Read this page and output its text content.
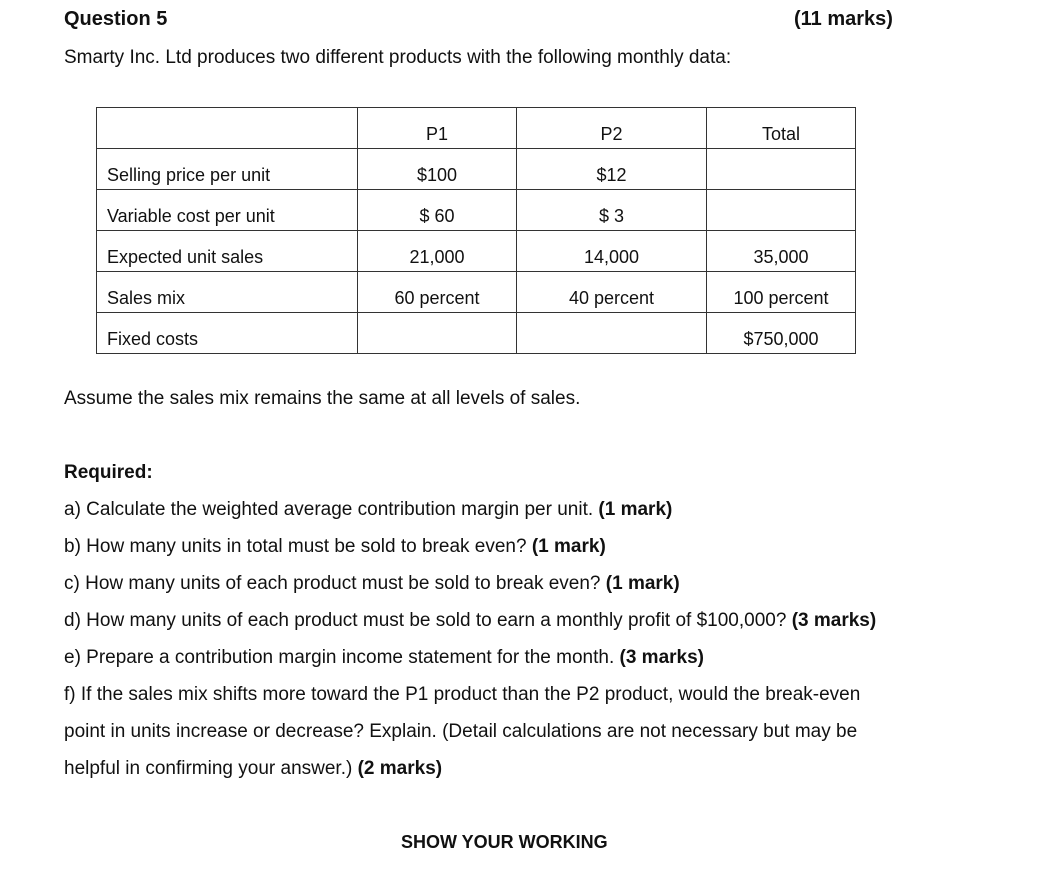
Question 5	(11 marks)
Smarty Inc. Ltd produces two different products with the following monthly data:
	P1	P2	Total
Selling price per unit	$100	$12	
Variable cost per unit	$ 60	$ 3	
Expected unit sales	21,000	14,000	35,000
Sales mix	60 percent	40 percent	100 percent
Fixed costs			$750,000
Assume the sales mix remains the same at all levels of sales.
Required:
a) Calculate the weighted average contribution margin per unit. (1 mark)
b) How many units in total must be sold to break even? (1 mark)
c) How many units of each product must be sold to break even? (1 mark)
d) How many units of each product must be sold to earn a monthly profit of $100,000? (3 marks)
e) Prepare a contribution margin income statement for the month. (3 marks)
f) If the sales mix shifts more toward the P1 product than the P2 product, would the break-even
point in units increase or decrease? Explain. (Detail calculations are not necessary but may be
helpful in confirming your answer.) (2 marks)
SHOW YOUR WORKING
